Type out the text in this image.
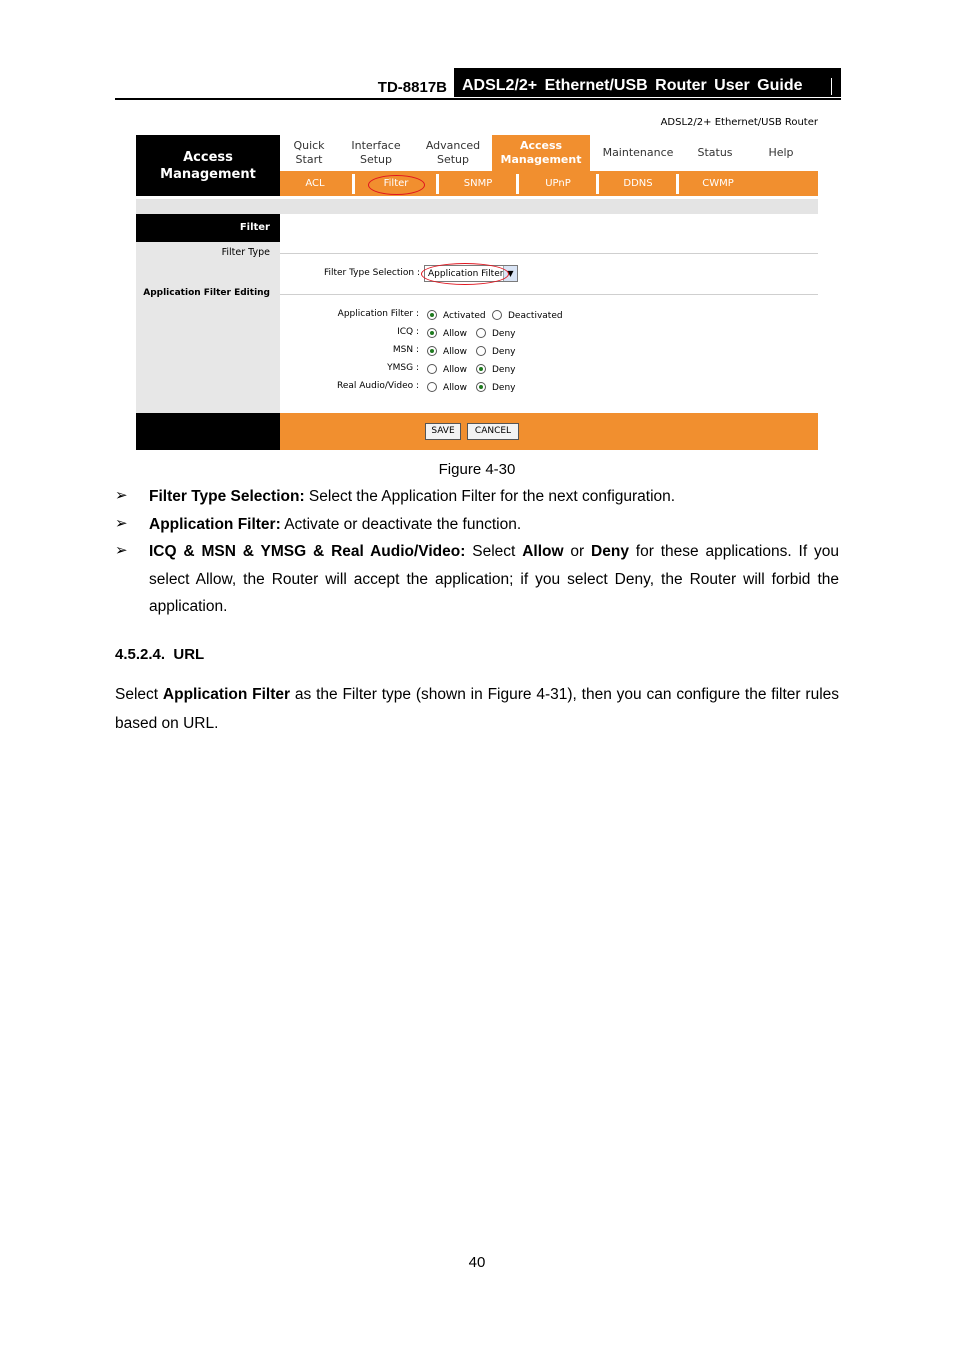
TD-8817B ADSL2/2+ Ethernet/USB Router User Guide
ADSL2/2+ Ethernet/USB Router
Access
Management
Quick
Start
Interface
Setup
Advanced
Setup
Access
Management
Maintenance	Status	Help
ACL	Filter	SNMP	UPnP	DDNS	CWMP
Filter
Filter Type
Application Filter Editing
Filter Type Selection : Application Filter ▼
Application Filter :	Activated Deactivated
ICQ :	Allow	Deny
MSN :	Allow	Deny
YMSG :	Allow	Deny
Real Audio/Video :	Allow	Deny
SAVE	CANCEL
Figure 4-30
➢ Filter Type Selection: Select the Application Filter for the next configuration.
➢ Application Filter: Activate or deactivate the function.
➢ ICQ & MSN & YMSG & Real Audio/Video: Select Allow or Deny for these applications. If you select Allow, the Router will accept the application; if you select Deny, the Router will forbid the application.
4.5.2.4.  URL
Select Application Filter as the Filter type (shown in Figure 4-31), then you can configure the filter rules based on URL.
40
